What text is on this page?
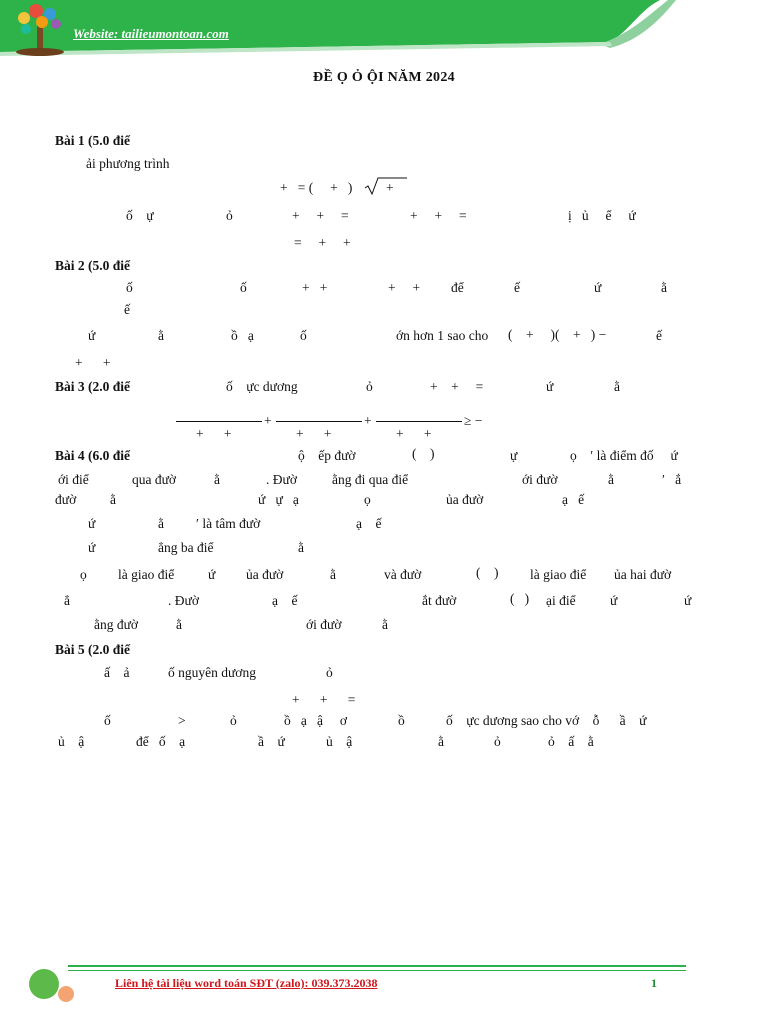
Website: tailieumontoan.com
ĐỀ Ọ Ỏ ỘI NĂM 2024
Bài 1 (5.0 điể
ải phương trình
+   = (     +   ) +
ố    ự	ỏ	+     +     =	+     +     =	ị   ủ     ể     ứ
=     +     +
Bài 2 (5.0 điể
ố	ố	+   +	+     + để	ế	ứ	ằ
ế
ứ	ằ	ồ   ạ	ố	ớn hơn 1 sao cho (    +     )(    +   ) −	ế
+      +
Bài 3 (2.0 điể	ố    ực dương	ỏ	+    +     =	ứ	ằ
+	+	≥ −
+      +	+      +	+      +
Bài 4 (6.0 điể	ộ    ếp đườ	(    )	ự	ọ    ′ là điểm đố     ứ
ới điể	qua đườ	ằ	. Đườ	ằng đi qua điể	ới đườ	ằ	′   ắ
đườ	ằ	ứ   ự   ạ	ọ	ủa đườ	ạ   ế
ứ	ằ ′ là tâm đườ	ạ    ế
ứ	ẳng ba điể	ằ
ọ là giao điể	ứ ủa đườ	ằ	và đườ	(    ) là giao điể ủa hai đườ
ẳ	. Đườ	ạ    ế	ắt đườ	(   ) ại điể	ứ	ứ
ằng đườ	ằ	ới đườ	ằ
Bài 5 (2.0 điể
ấ    ả	ố nguyên dương	ỏ
+      +      =
ố	>	ỏ	ồ   ạ   ậ     ơ	ồ	ố    ực dương sao cho vớ    ỗ      ầ    ứ
ủ    ậ	để   ố    ạ	ầ    ứ	ủ    ậ	ằ	ỏ	ỏ    ấ    ằ
Liên hệ tài liệu word toán SĐT (zalo): 039.373.2038	1
